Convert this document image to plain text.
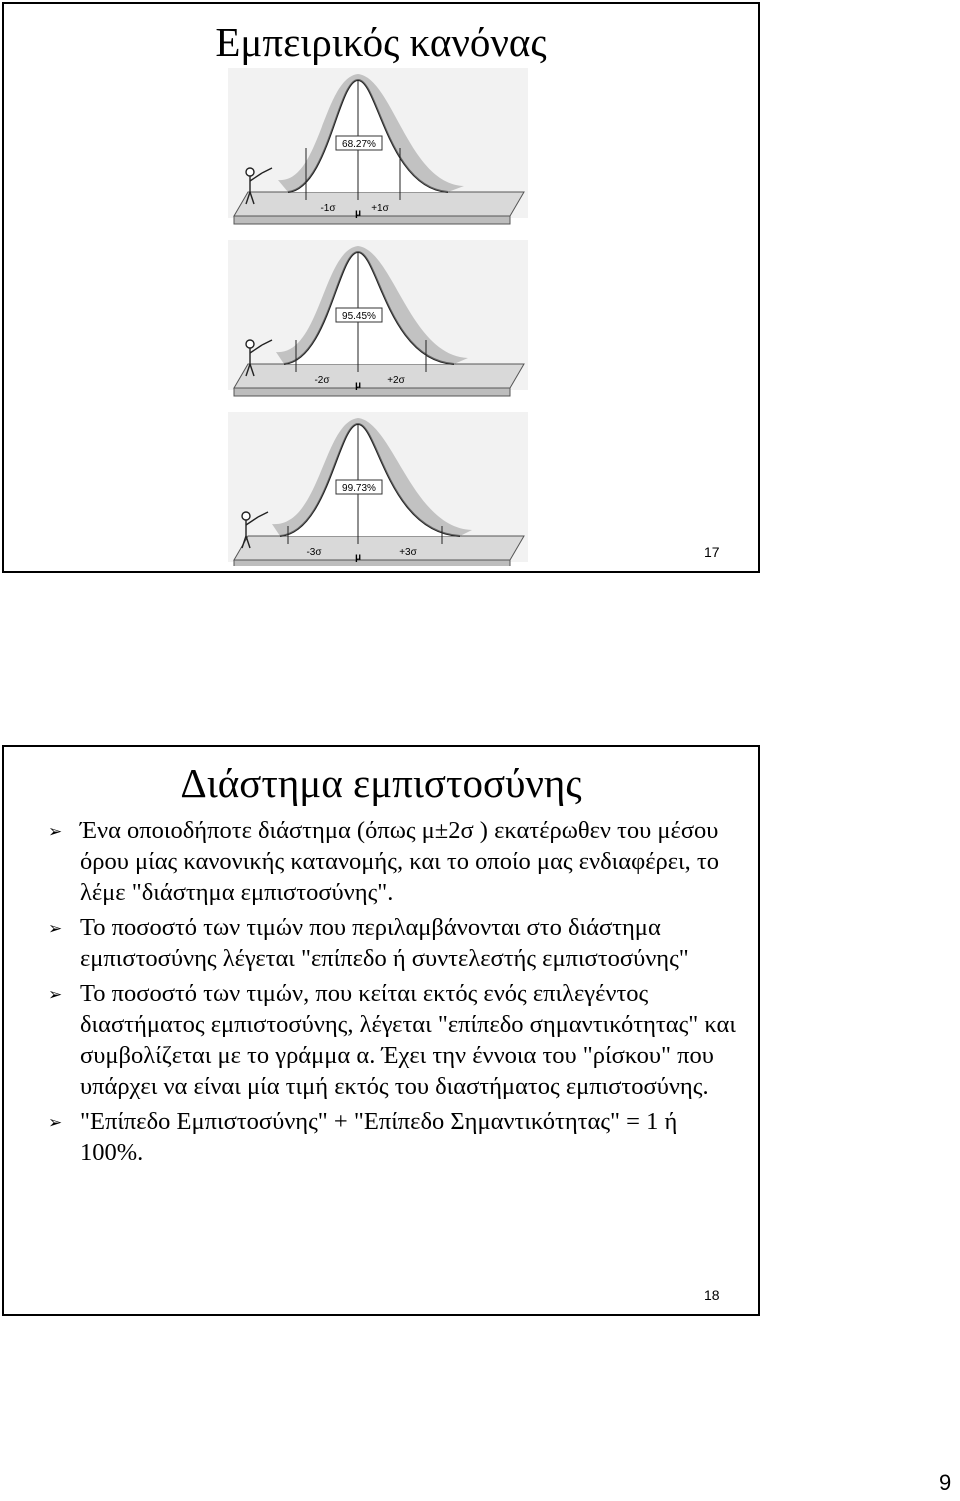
Εμπειρικός κανόνας
68.27%
-1σ μ +1σ
95.45%
-2σ	μ	+2σ
99.73%
-3σ	μ	+3σ	17
Διάστημα εμπιστοσύνης
➢ Ένα οποιοδήποτε διάστημα (όπως μ±2σ ) εκατέρωθεν του μέσου όρου μίας κανονικής κατανομής, και το οποίο μας ενδιαφέρει, το λέμε "διάστημα εμπιστοσύνης".
➢ Το ποσοστό των τιμών που περιλαμβάνονται στο διάστημα εμπιστοσύνης λέγεται "επίπεδο ή συντελεστής εμπιστοσύνης"
➢ Το ποσοστό των τιμών, που κείται εκτός ενός επιλεγέντος διαστήματος εμπιστοσύνης, λέγεται "επίπεδο σημαντικότητας" και συμβολίζεται με το γράμμα α. Έχει την έννοια του "ρίσκου" που υπάρχει να είναι μία τιμή εκτός του διαστήματος εμπιστοσύνης.
➢ "Επίπεδο Εμπιστοσύνης" + "Επίπεδο Σημαντικότητας" = 1 ή 100%.
18
9
